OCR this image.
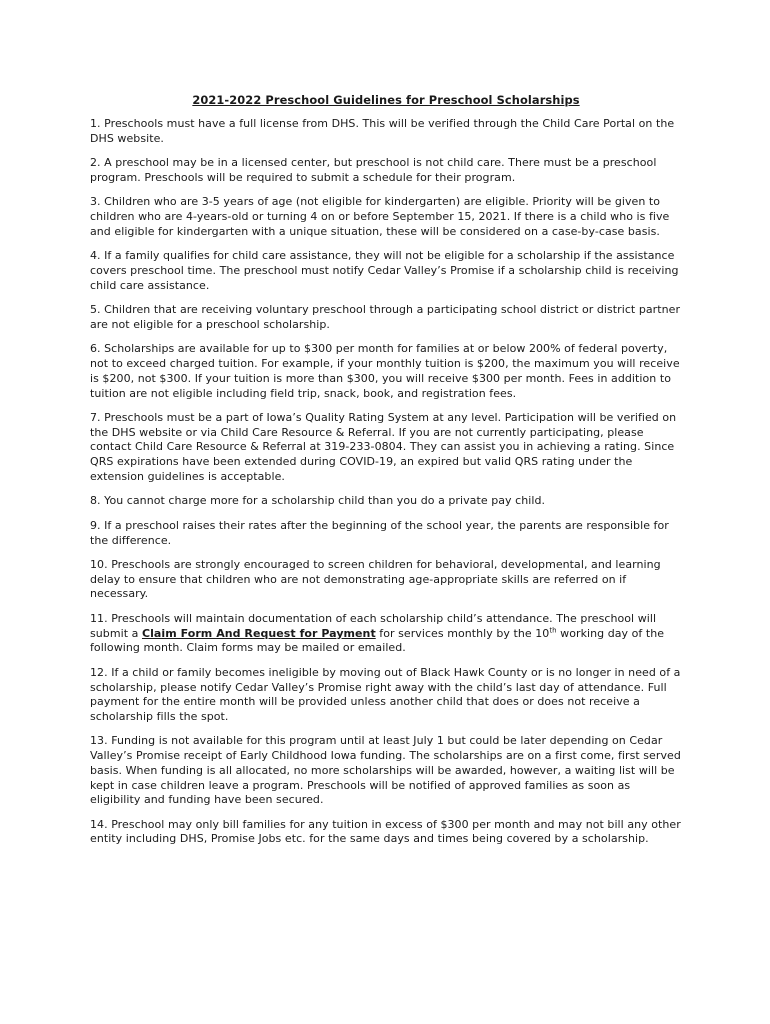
2021-2022 Preschool Guidelines for Preschool Scholarships

1. Preschools must have a full license from DHS. This will be verified through the Child Care Portal on the DHS website.

2. A preschool may be in a licensed center, but preschool is not child care. There must be a preschool program. Preschools will be required to submit a schedule for their program.

3. Children who are 3-5 years of age (not eligible for kindergarten) are eligible. Priority will be given to children who are 4-years-old or turning 4 on or before September 15, 2021. If there is a child who is five and eligible for kindergarten with a unique situation, these will be considered on a case-by-case basis.

4. If a family qualifies for child care assistance, they will not be eligible for a scholarship if the assistance covers preschool time. The preschool must notify Cedar Valley’s Promise if a scholarship child is receiving child care assistance.

5. Children that are receiving voluntary preschool through a participating school district or district partner are not eligible for a preschool scholarship.

6. Scholarships are available for up to $300 per month for families at or below 200% of federal poverty, not to exceed charged tuition. For example, if your monthly tuition is $200, the maximum you will receive is $200, not $300. If your tuition is more than $300, you will receive $300 per month. Fees in addition to tuition are not eligible including field trip, snack, book, and registration fees.

7. Preschools must be a part of Iowa’s Quality Rating System at any level. Participation will be verified on the DHS website or via Child Care Resource & Referral. If you are not currently participating, please contact Child Care Resource & Referral at 319-233-0804. They can assist you in achieving a rating. Since QRS expirations have been extended during COVID-19, an expired but valid QRS rating under the extension guidelines is acceptable.

8. You cannot charge more for a scholarship child than you do a private pay child.

9. If a preschool raises their rates after the beginning of the school year, the parents are responsible for the difference.

10. Preschools are strongly encouraged to screen children for behavioral, developmental, and learning delay to ensure that children who are not demonstrating age-appropriate skills are referred on if necessary.

11. Preschools will maintain documentation of each scholarship child’s attendance. The preschool will submit a Claim Form And Request for Payment for services monthly by the 10th working day of the following month. Claim forms may be mailed or emailed.

12. If a child or family becomes ineligible by moving out of Black Hawk County or is no longer in need of a scholarship, please notify Cedar Valley’s Promise right away with the child’s last day of attendance. Full payment for the entire month will be provided unless another child that does or does not receive a scholarship fills the spot.

13. Funding is not available for this program until at least July 1 but could be later depending on Cedar Valley’s Promise receipt of Early Childhood Iowa funding. The scholarships are on a first come, first served basis. When funding is all allocated, no more scholarships will be awarded, however, a waiting list will be kept in case children leave a program. Preschools will be notified of approved families as soon as eligibility and funding have been secured.

14. Preschool may only bill families for any tuition in excess of $300 per month and may not bill any other entity including DHS, Promise Jobs etc. for the same days and times being covered by a scholarship.
